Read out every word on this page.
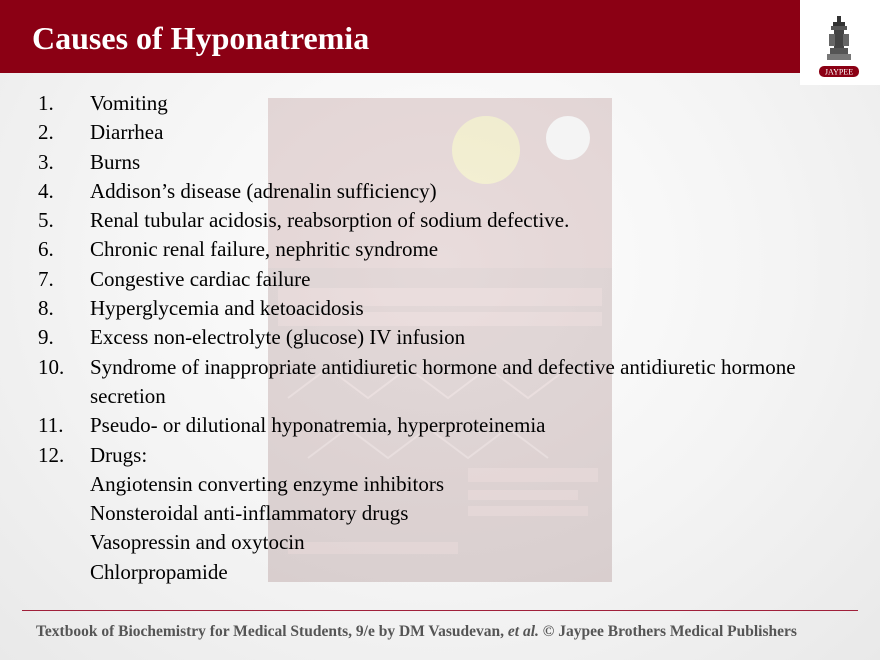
Causes of Hyponatremia
JAYPEE
1.	Vomiting
2.	Diarrhea
3.	Burns
4.	Addison’s disease (adrenalin sufficiency)
5.	Renal tubular acidosis, reabsorption of sodium defective.
6.	Chronic renal failure, nephritic syndrome
7.	Congestive cardiac failure
8.	Hyperglycemia and ketoacidosis
9.	Excess non-electrolyte (glucose) IV infusion
10.	Syndrome of inappropriate antidiuretic hormone and defective antidiuretic hormone secretion
11.	Pseudo- or dilutional hyponatremia, hyperproteinemia
12.	Drugs:
Angiotensin converting enzyme inhibitors
Nonsteroidal anti-inflammatory drugs
Vasopressin and oxytocin
Chlorpropamide
Textbook of Biochemistry for Medical Students, 9/e by DM Vasudevan, et al. © Jaypee Brothers Medical Publishers
